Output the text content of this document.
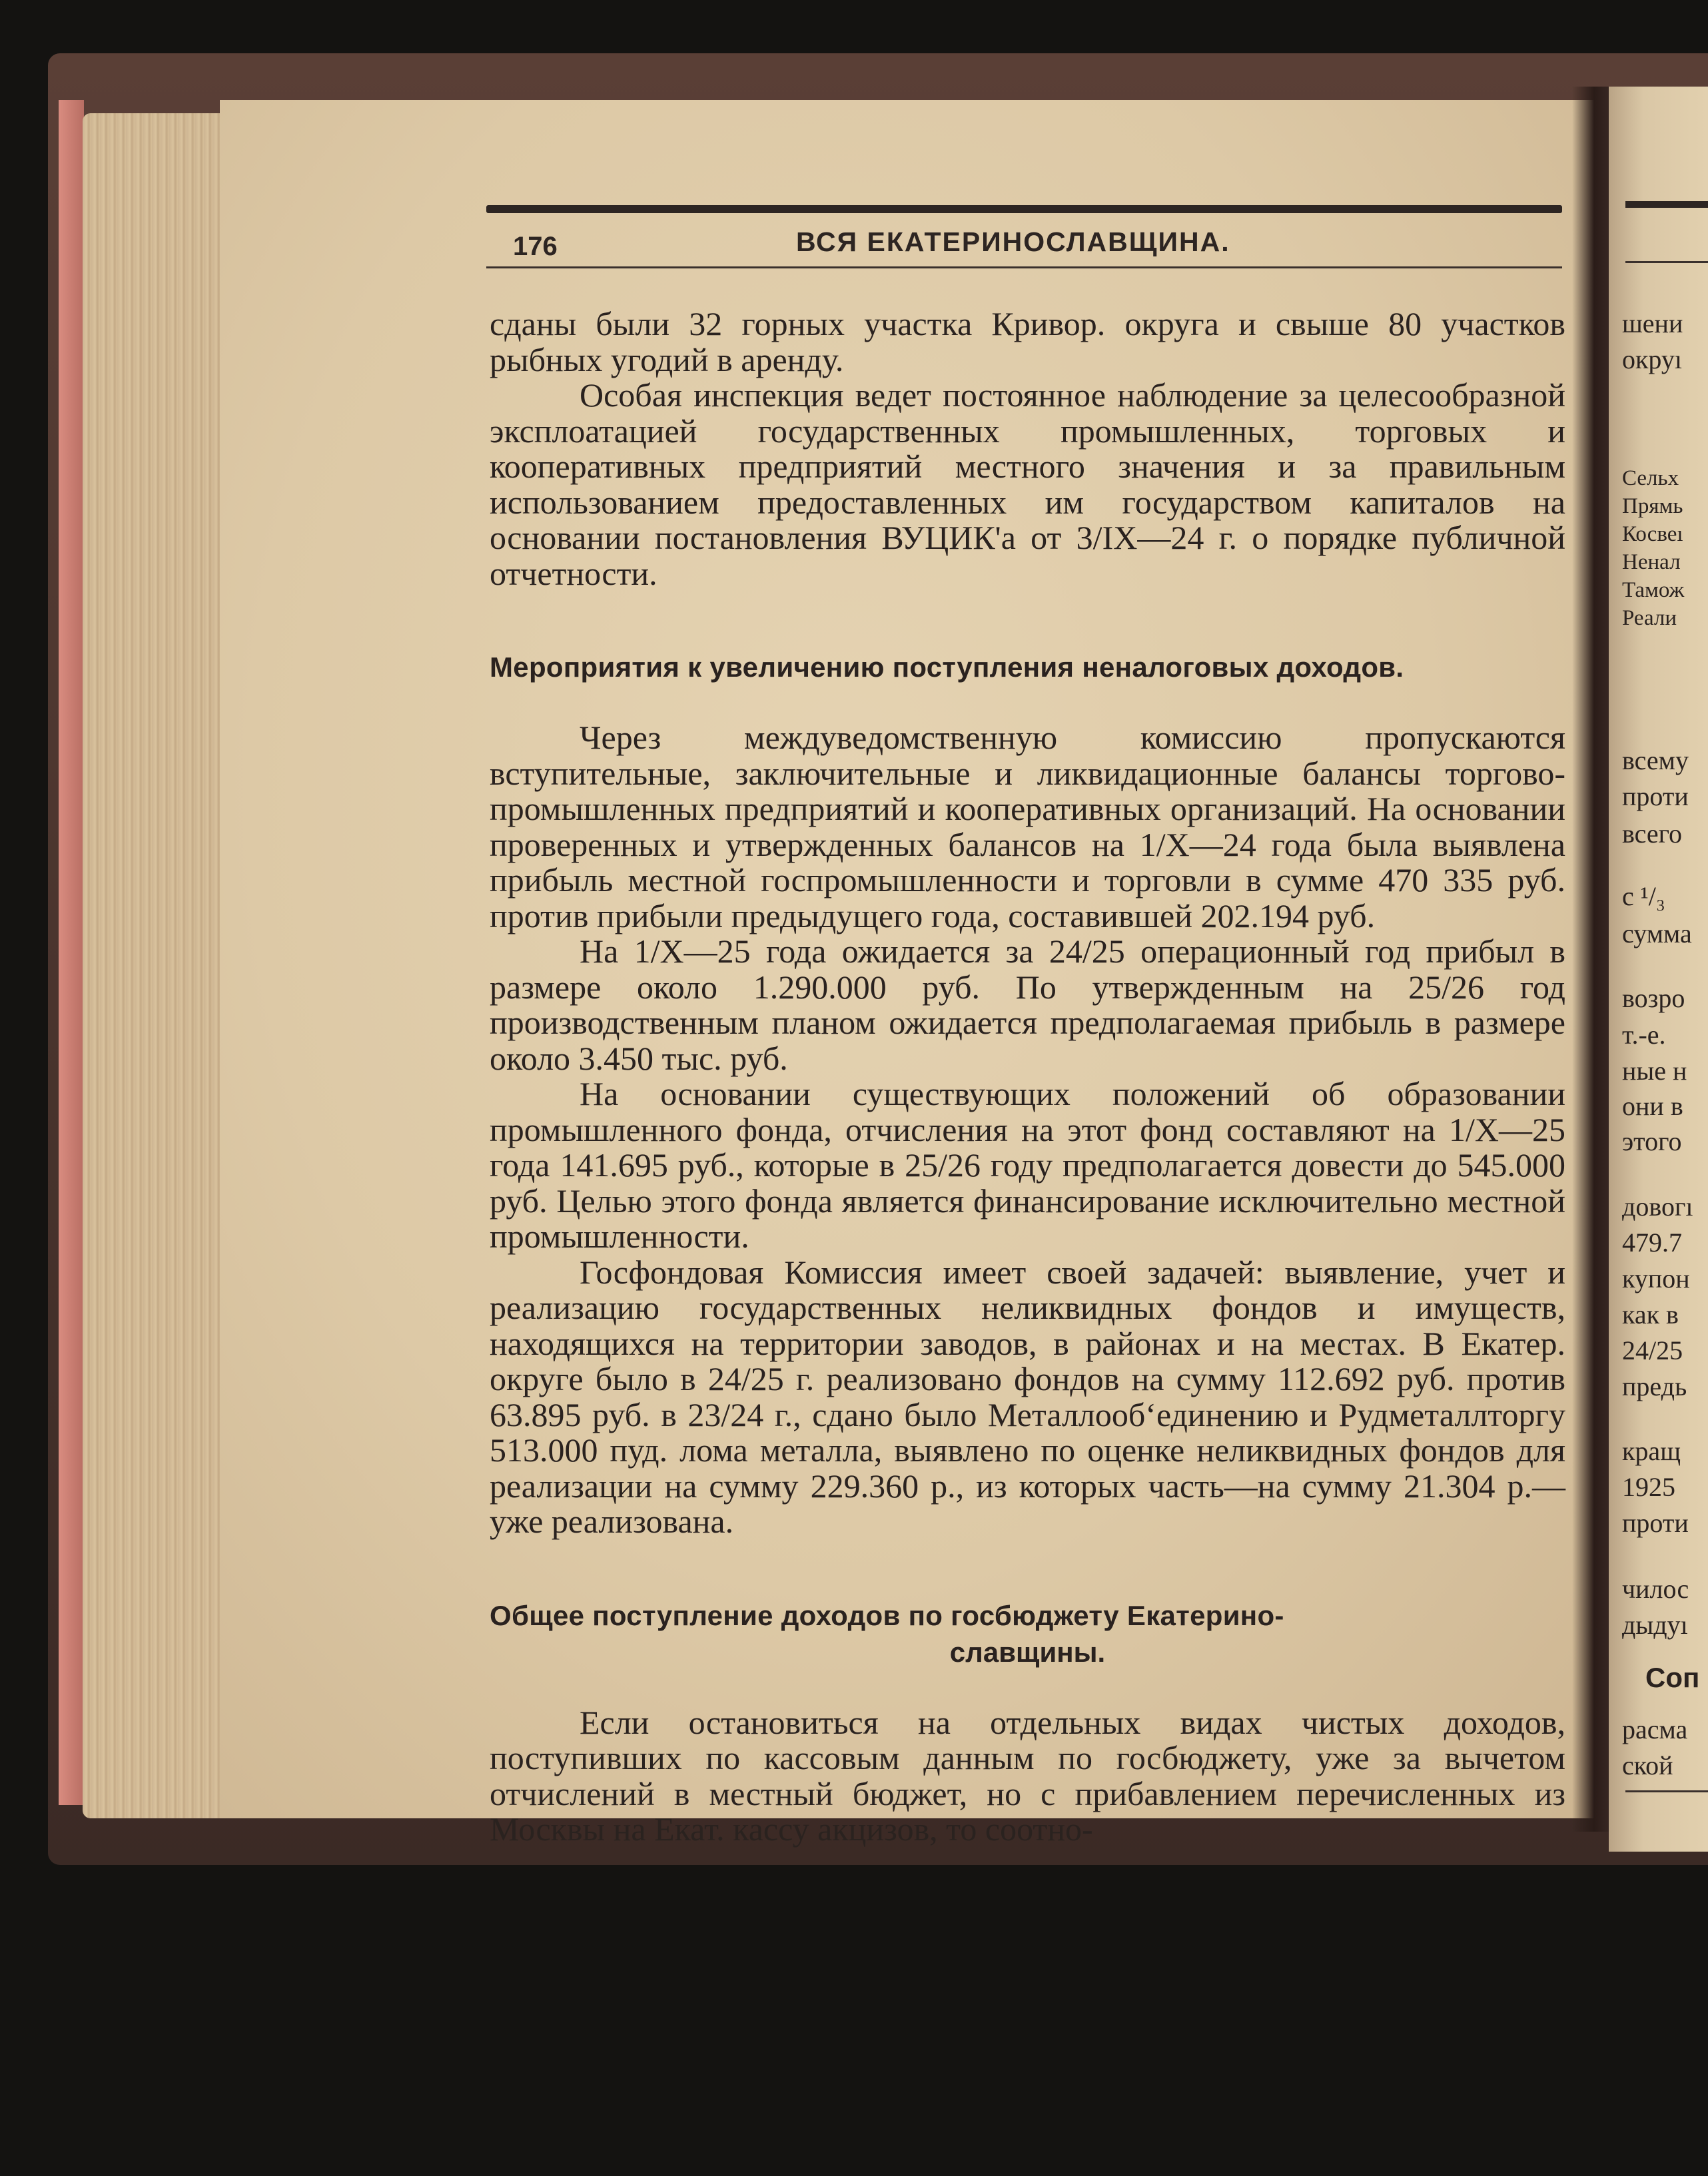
176	ВСЯ ЕКАТЕРИНОСЛАВЩИНА.

сданы были 32 горных участка Кривор. округа и свыше 80 участков рыбных угодий в аренду.

Особая инспекция ведет постоянное наблюдение за целесообразной эксплоатацией государственных промышленных, торговых и кооперативных предприятий местного значения и за правильным использованием предоставленных им государством капиталов на основании постановления ВУЦИК'а от 3/IX—24 г. о порядке публичной отчетности.

Мероприятия к увеличению поступления неналоговых доходов.

Через междуведомственную комиссию пропускаются вступительные, заключительные и ликвидационные балансы торгово-промышленных предприятий и кооперативных организаций. На основании проверенных и утвержденных балансов на 1/X—24 года была выявлена прибыль местной госпромышленности и торговли в сумме 470 335 руб. против прибыли предыдущего года, составившей 202.194 руб.

На 1/X—25 года ожидается за 24/25 операционный год прибыл в размере около 1.290.000 руб. По утвержденным на 25/26 год производственным планом ожидается предполагаемая прибыль в размере около 3.450 тыс. руб.

На основании существующих положений об образовании промышленного фонда, отчисления на этот фонд составляют на 1/X—25 года 141.695 руб., которые в 25/26 году предполагается довести до 545.000 руб. Целью этого фонда является финансирование исключительно местной промышленности.

Госфондовая Комиссия имеет своей задачей: выявление, учет и реализацию государственных неликвидных фондов и имуществ, находящихся на территории заводов, в районах и на местах. В Екатер. округе было в 24/25 г. реализовано фондов на сумму 112.692 руб. против 63.895 руб. в 23/24 г., сдано было Металлообʻединению и Рудметаллторгу 513.000 пуд. лома металла, выявлено по оценке неликвидных фондов для реализации на сумму 229.360 р., из которых часть—на сумму 21.304 р.—уже реализована.

Общее поступление доходов по госбюджету Екатерино-

славщины.

Если остановиться на отдельных видах чистых доходов, поступивших по кассовым данным по госбюджету, уже за вычетом отчислений в местный бюджет, но с прибавлением перечисленных из Москвы на Екат. кассу акцизов, то соотно-

шени
окруı
Сельх
Прямь
Косвеı
Ненал
Тамож
Реали
всему
проти
всего
с ¹/₃
сумма
возро
т.-е.
ные н
они в
этого
довогı
479.7
купон
как в
24/25
предь
кращ
1925
проти
чилос
дыдуı
Соп
расма
ской
